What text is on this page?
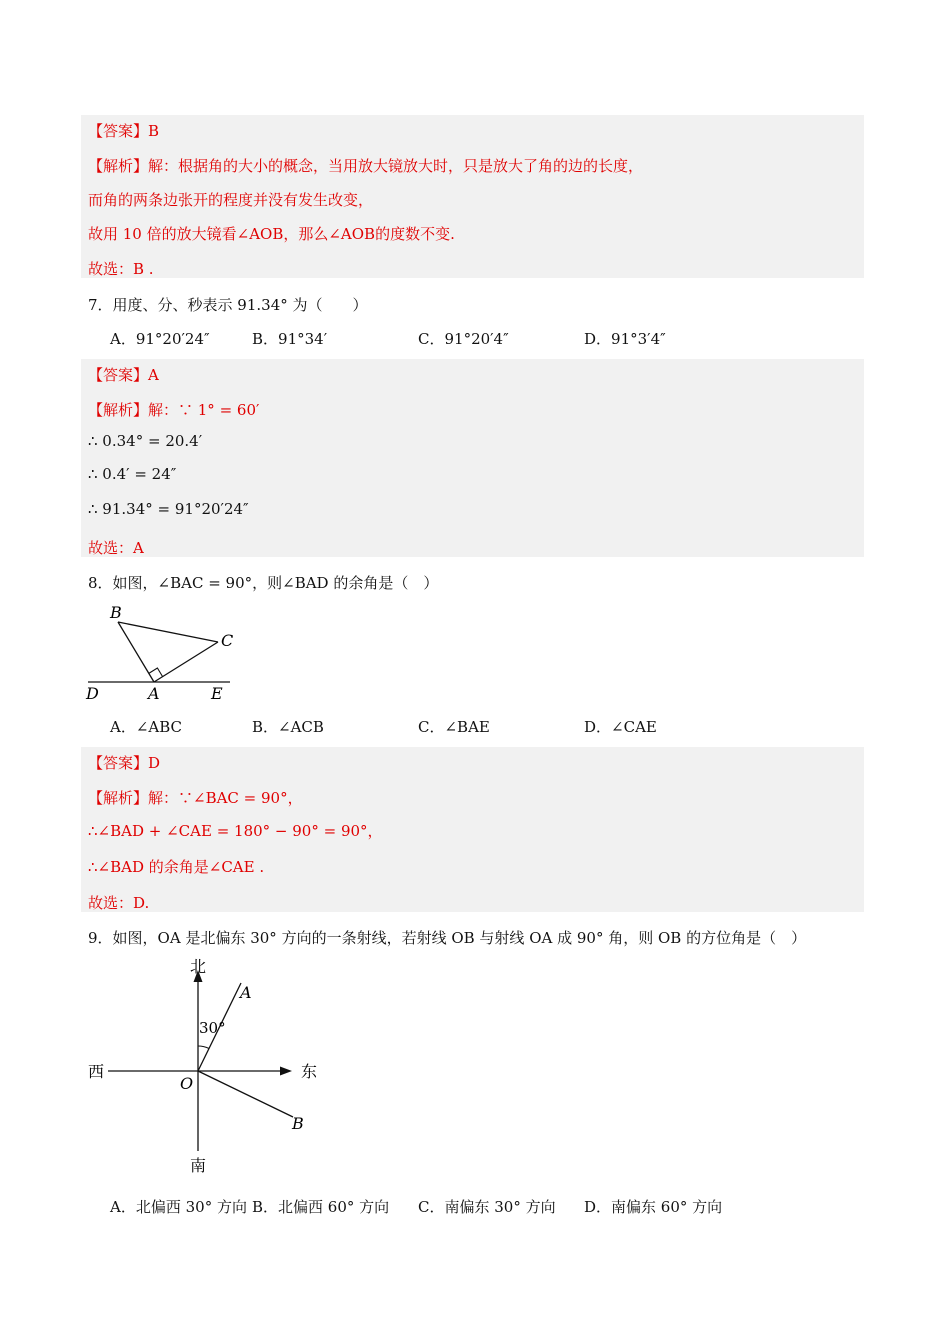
【答案】B
【解析】解：根据角的大小的概念，当用放大镜放大时，只是放大了角的边的长度，
而角的两条边张开的程度并没有发生改变，
故用 10 倍的放大镜看∠AOB，那么∠AOB的度数不变.
故选：B .
7．用度、分、秒表示 91.34° 为（　　）
A．91°20′24″	B．91°34′	C．91°20′4″	D．91°3′4″
【答案】A
【解析】解：∵ 1° = 60′
∴ 0.34° = 20.4′
∴ 0.4′ = 24″
∴ 91.34° = 91°20′24″
故选：A
8．如图，∠BAC = 90°，则∠BAD 的余角是（　）
B
C
D	A	E
A．∠ABC	B．∠ACB	C．∠BAE	D．∠CAE
【答案】D
【解析】解：∵∠BAC = 90°，
∴∠BAD + ∠CAE = 180° − 90° = 90°，
∴∠BAD 的余角是∠CAE .
故选：D.
9．如图，OA 是北偏东 30° 方向的一条射线，若射线 OB 与射线 OA 成 90° 角，则 OB 的方位角是（　）
北
南
西	东
O
A
B
30°
A．北偏西 30° 方向 B．北偏西 60° 方向 C．南偏东 30° 方向 D．南偏东 60° 方向
